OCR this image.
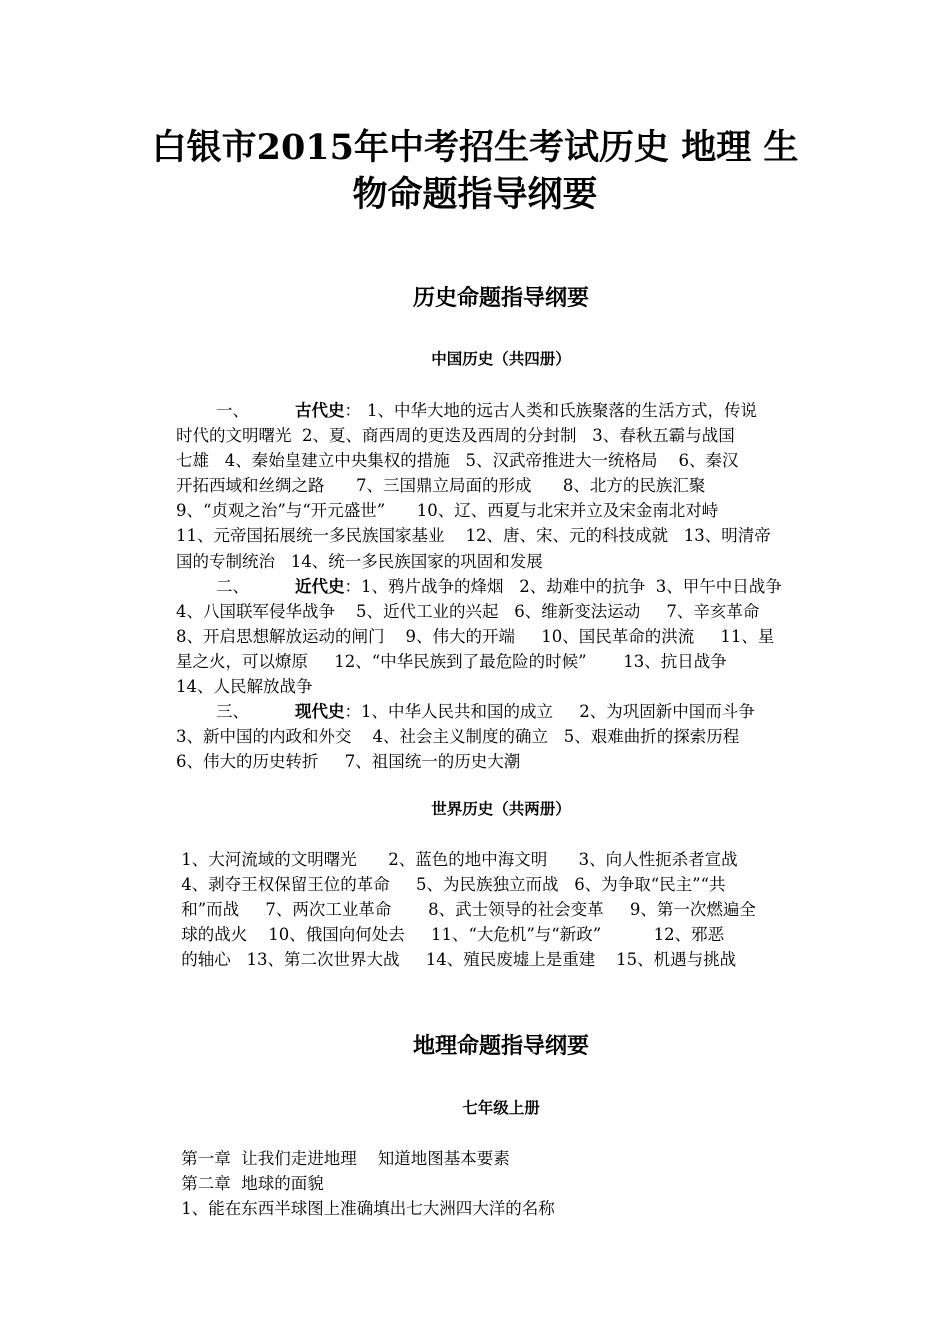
白银市2015年中考招生考试历史 地理 生
物命题指导纲要
历史命题指导纲要
中国历史（共四册）
一、	古代史： 1、中华大地的远古人类和氏族聚落的生活方式，传说
时代的文明曙光  2、夏、商西周的更迭及西周的分封制   3、春秋五霸与战国
七雄   4、秦始皇建立中央集权的措施   5、汉武帝推进大一统格局    6、秦汉
开拓西域和丝绸之路      7、三国鼎立局面的形成      8、北方的民族汇聚
9、“贞观之治”与“开元盛世”      10、辽、西夏与北宋并立及宋金南北对峙
11、元帝国拓展统一多民族国家基业    12、唐、宋、元的科技成就   13、明清帝
国的专制统治   14、统一多民族国家的巩固和发展
二、	近代史：1、鸦片战争的烽烟   2、劫难中的抗争  3、甲午中日战争
4、八国联军侵华战争    5、近代工业的兴起   6、维新变法运动     7、辛亥革命
8、开启思想解放运动的闸门    9、伟大的开端     10、国民革命的洪流     11、星
星之火，可以燎原     12、“中华民族到了最危险的时候”       13、抗日战争
14、人民解放战争
三、	现代史：1、中华人民共和国的成立     2、为巩固新中国而斗争
3、新中国的内政和外交    4、社会主义制度的确立   5、艰难曲折的探索历程
6、伟大的历史转折     7、祖国统一的历史大潮
世界历史（共两册）
1、大河流域的文明曙光      2、蓝色的地中海文明      3、向人性扼杀者宣战
4、剥夺王权保留王位的革命     5、为民族独立而战   6、为争取“民主”“共
和”而战     7、两次工业革命       8、武士领导的社会变革     9、第一次燃遍全
球的战火    10、俄国向何处去     11、“大危机”与“新政”          12、邪恶
的轴心   13、第二次世界大战     14、殖民废墟上是重建    15、机遇与挑战
地理命题指导纲要
七年级上册
第一章  让我们走进地理    知道地图基本要素
第二章  地球的面貌
1、能在东西半球图上准确填出七大洲四大洋的名称
